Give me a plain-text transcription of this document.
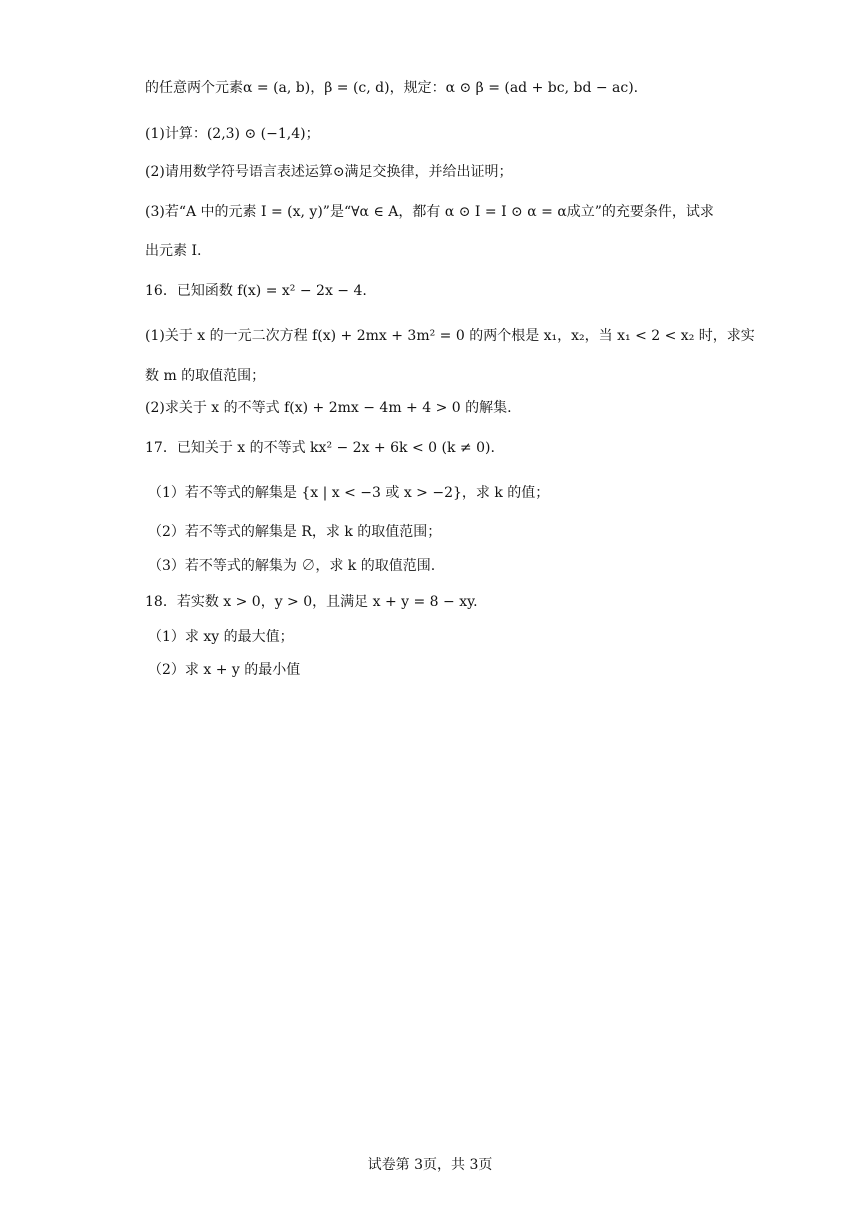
的任意两个元素α = (a, b)，β = (c, d)，规定：α ⊙ β = (ad + bc, bd − ac).
(1)计算：(2,3) ⊙ (−1,4)；
(2)请用数学符号语言表述运算⊙满足交换律，并给出证明；
(3)若“A 中的元素 I = (x, y)”是“∀α ∈ A，都有 α ⊙ I = I ⊙ α = α成立”的充要条件，试求
出元素 I.
16．已知函数 f(x) = x² − 2x − 4.
(1)关于 x 的一元二次方程 f(x) + 2mx + 3m² = 0 的两个根是 x₁，x₂，当 x₁ < 2 < x₂ 时，求实
数 m 的取值范围；
(2)求关于 x 的不等式 f(x) + 2mx − 4m + 4 > 0 的解集.
17．已知关于 x 的不等式 kx² − 2x + 6k < 0 (k ≠ 0).
（1）若不等式的解集是 {x | x < −3 或 x > −2}，求 k 的值；
（2）若不等式的解集是 R，求 k 的取值范围；
（3）若不等式的解集为 ∅，求 k 的取值范围.
18．若实数 x > 0，y > 0，且满足 x + y = 8 − xy.
（1）求 xy 的最大值；
（2）求 x + y 的最小值
试卷第 3页，共 3页
